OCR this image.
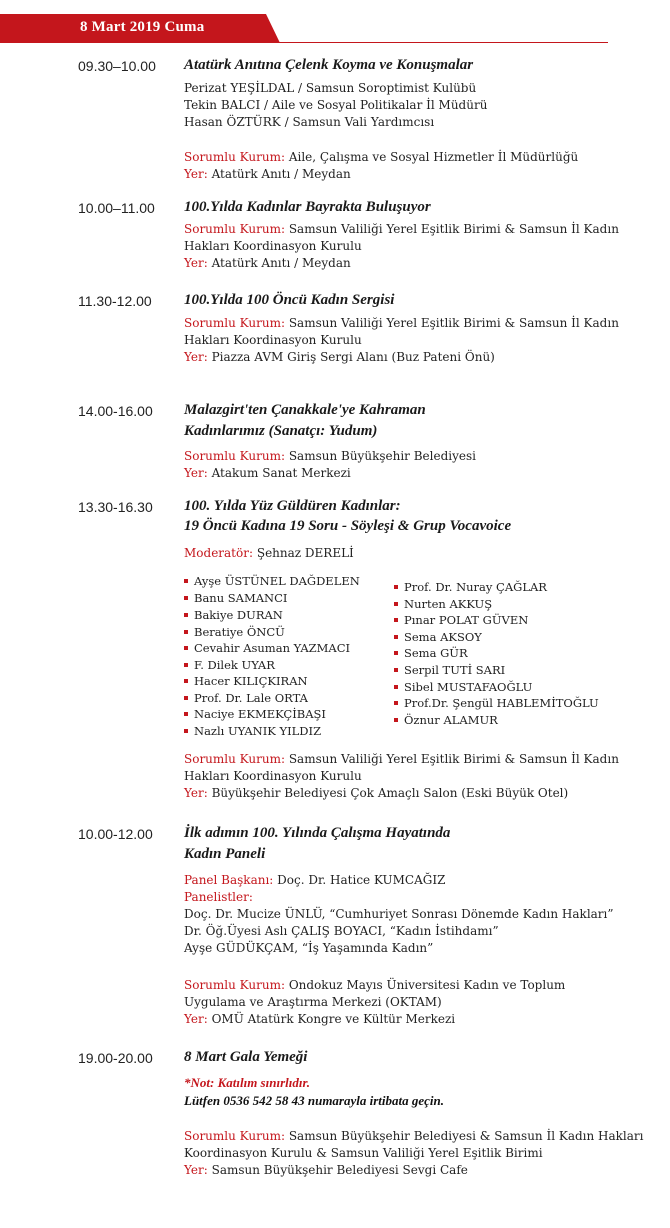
8 Mart 2019 Cuma
09.30–10.00 Atatürk Anıtına Çelenk Koyma ve Konuşmalar
Perizat YEŞİLDAL / Samsun Soroptimist Kulübü
Tekin BALCI / Aile ve Sosyal Politikalar İl Müdürü
Hasan ÖZTÜRK / Samsun Vali Yardımcısı
Sorumlu Kurum: Aile, Çalışma ve Sosyal Hizmetler İl Müdürlüğü
Yer: Atatürk Anıtı / Meydan
10.00–11.00 100.Yılda Kadınlar Bayrakta Buluşuyor
Sorumlu Kurum: Samsun Valiliği Yerel Eşitlik Birimi & Samsun İl Kadın
Hakları Koordinasyon Kurulu
Yer: Atatürk Anıtı / Meydan
11.30-12.00 100.Yılda 100 Öncü Kadın Sergisi
Sorumlu Kurum: Samsun Valiliği Yerel Eşitlik Birimi & Samsun İl Kadın
Hakları Koordinasyon Kurulu
Yer: Piazza AVM Giriş Sergi Alanı (Buz Pateni Önü)
14.00-16.00 Malazgirt'ten Çanakkale'ye Kahraman
Kadınlarımız (Sanatçı: Yudum)
Sorumlu Kurum: Samsun Büyükşehir Belediyesi
Yer: Atakum Sanat Merkezi
13.30-16.30 100. Yılda Yüz Güldüren Kadınlar:
19 Öncü Kadına 19 Soru - Söyleşi & Grup Vocavoice
Moderatör: Şehnaz DERELİ
Ayşe ÜSTÜNEL DAĞDELEN
Banu SAMANCI
Bakiye DURAN
Beratiye ÖNCÜ
Cevahir Asuman YAZMACI
F. Dilek UYAR
Hacer KILIÇKIRAN
Prof. Dr. Lale ORTA
Naciye EKMEKÇİBAŞI
Nazlı UYANIK YILDIZ
Prof. Dr. Nuray ÇAĞLAR
Nurten AKKUŞ
Pınar POLAT GÜVEN
Sema AKSOY
Sema GÜR
Serpil TUTİ SARI
Sibel MUSTAFAOĞLU
Prof.Dr. Şengül HABLEMİTOĞLU
Öznur ALAMUR
Sorumlu Kurum: Samsun Valiliği Yerel Eşitlik Birimi & Samsun İl Kadın
Hakları Koordinasyon Kurulu
Yer: Büyükşehir Belediyesi Çok Amaçlı Salon (Eski Büyük Otel)
10.00-12.00 İlk adımın 100. Yılında Çalışma Hayatında
Kadın Paneli
Panel Başkanı: Doç. Dr. Hatice KUMCAĞIZ
Panelistler:
Doç. Dr. Mucize ÜNLÜ, “Cumhuriyet Sonrası Dönemde Kadın Hakları”
Dr. Öğ.Üyesi Aslı ÇALIŞ BOYACI, “Kadın İstihdamı”
Ayşe GÜDÜKÇAM, “İş Yaşamında Kadın”
Sorumlu Kurum: Ondokuz Mayıs Üniversitesi Kadın ve Toplum
Uygulama ve Araştırma Merkezi (OKTAM)
Yer: OMÜ Atatürk Kongre ve Kültür Merkezi
19.00-20.00 8 Mart Gala Yemeği
*Not: Katılım sınırlıdır.
Lütfen 0536 542 58 43 numarayla irtibata geçin.
Sorumlu Kurum: Samsun Büyükşehir Belediyesi & Samsun İl Kadın Hakları
Koordinasyon Kurulu & Samsun Valiliği Yerel Eşitlik Birimi
Yer: Samsun Büyükşehir Belediyesi Sevgi Cafe
